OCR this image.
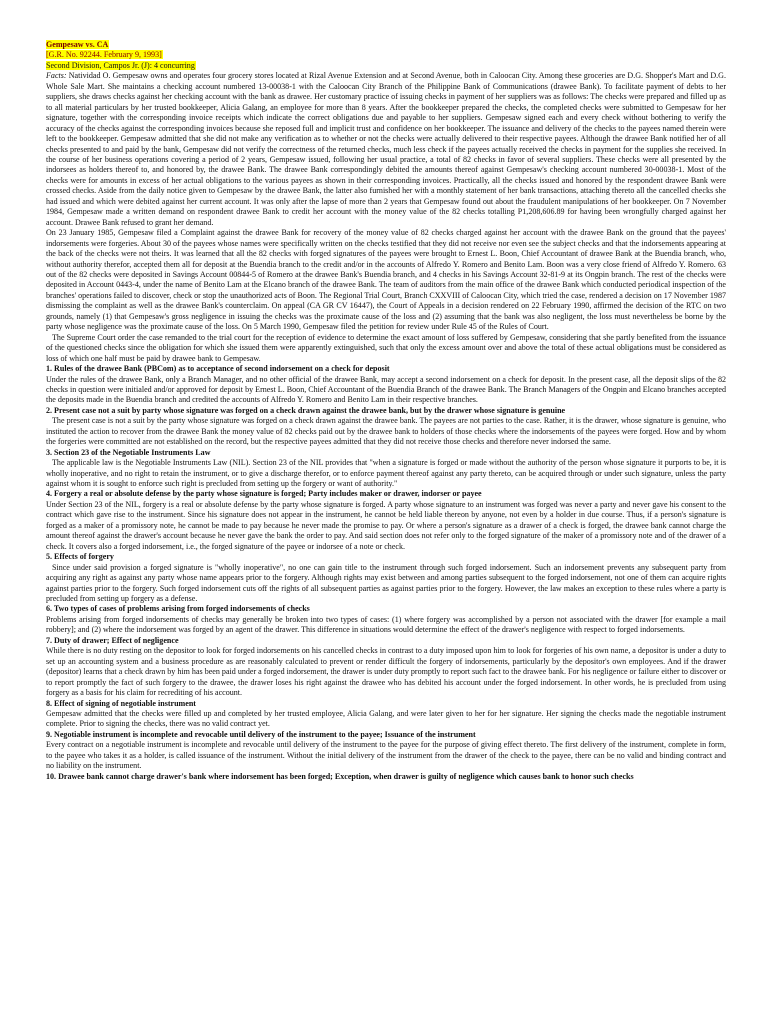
Gempesaw vs. CA
[G.R. No. 92244. February 9, 1993]
Second Division, Campos Jr. (J): 4 concurring

Facts: Natividad O. Gempesaw owns and operates four grocery stores located at Rizal Avenue Extension and at Second Avenue, both in Caloocan City. Among these groceries are D.G. Shopper's Mart and D.G. Whole Sale Mart. She maintains a checking account numbered 13-00038-1 with the Caloocan City Branch of the Philippine Bank of Communications (drawee Bank). To facilitate payment of debts to her suppliers, she draws checks against her checking account with the bank as drawee. Her customary practice of issuing checks in payment of her suppliers was as follows: The checks were prepared and filled up as to all material particulars by her trusted bookkeeper, Alicia Galang, an employee for more than 8 years. After the bookkeeper prepared the checks, the completed checks were submitted to Gempesaw for her signature, together with the corresponding invoice receipts which indicate the correct obligations due and payable to her suppliers. Gempesaw signed each and every check without bothering to verify the accuracy of the checks against the corresponding invoices because she reposed full and implicit trust and confidence on her bookkeeper. The issuance and delivery of the checks to the payees named therein were left to the bookkeeper. Gempesaw admitted that she did not make any verification as to whether or not the checks were actually delivered to their respective payees. Although the drawee Bank notified her of all checks presented to and paid by the bank, Gempesaw did not verify the correctness of the returned checks, much less check if the payees actually received the checks in payment for the supplies she received. In the course of her business operations covering a period of 2 years, Gempesaw issued, following her usual practice, a total of 82 checks in favor of several suppliers. These checks were all presented by the indorsees as holders thereof to, and honored by, the drawee Bank. The drawee Bank correspondingly debited the amounts thereof against Gempesaw's checking account numbered 30-00038-1. Most of the checks were for amounts in excess of her actual obligations to the various payees as shown in their corresponding invoices. Practically, all the checks issued and honored by the respondent drawee Bank were crossed checks. Aside from the daily notice given to Gempesaw by the drawee Bank, the latter also furnished her with a monthly statement of her bank transactions, attaching thereto all the cancelled checks she had issued and which were debited against her current account. It was only after the lapse of more than 2 years that Gempesaw found out about the fraudulent manipulations of her bookkeeper. On 7 November 1984, Gempesaw made a written demand on respondent drawee Bank to credit her account with the money value of the 82 checks totalling P1,208,606.89 for having been wrongfully charged against her account. Drawee Bank refused to grant her demand.

On 23 January 1985, Gempesaw filed a Complaint against the drawee Bank for recovery of the money value of 82 checks charged against her account with the drawee Bank on the ground that the payees' indorsements were forgeries. About 30 of the payees whose names were specifically written on the checks testified that they did not receive nor even see the subject checks and that the indorsements appearing at the back of the checks were not theirs. It was learned that all the 82 checks with forged signatures of the payees were brought to Ernest L. Boon, Chief Accountant of drawee Bank at the Buendia branch, who, without authority therefor, accepted them all for deposit at the Buendia branch to the credit and/or in the accounts of Alfredo Y. Romero and Benito Lam. Boon was a very close friend of Alfredo Y. Romero. 63 out of the 82 checks were deposited in Savings Account 00844-5 of Romero at the drawee Bank's Buendia branch, and 4 checks in his Savings Account 32-81-9 at its Ongpin branch. The rest of the checks were deposited in Account 0443-4, under the name of Benito Lam at the Elcano branch of the drawee Bank. The team of auditors from the main office of the drawee Bank which conducted periodical inspection of the branches' operations failed to discover, check or stop the unauthorized acts of Boon. The Regional Trial Court, Branch CXXVIII of Caloocan City, which tried the case, rendered a decision on 17 November 1987 dismissing the complaint as well as the drawee Bank's counterclaim. On appeal (CA GR CV 16447), the Court of Appeals in a decision rendered on 22 February 1990, affirmed the decision of the RTC on two grounds, namely (1) that Gempesaw's gross negligence in issuing the checks was the proximate cause of the loss and (2) assuming that the bank was also negligent, the loss must nevertheless be borne by the party whose negligence was the proximate cause of the loss. On 5 March 1990, Gempesaw filed the petition for review under Rule 45 of the Rules of Court.

The Supreme Court order the case remanded to the trial court for the reception of evidence to determine the exact amount of loss suffered by Gempesaw, considering that she partly benefited from the issuance of the questioned checks since the obligation for which she issued them were apparently extinguished, such that only the excess amount over and above the total of these actual obligations must be considered as loss of which one half must be paid by drawee bank to Gempesaw.

1. Rules of the drawee Bank (PBCom) as to acceptance of second indorsement on a check for deposit

Under the rules of the drawee Bank, only a Branch Manager, and no other official of the drawee Bank, may accept a second indorsement on a check for deposit. In the present case, all the deposit slips of the 82 checks in question were initialed and/or approved for deposit by Ernest L. Boon, Chief Accountant of the Buendia Branch of the drawee Bank. The Branch Managers of the Ongpin and Elcano branches accepted the deposits made in the Buendia branch and credited the accounts of Alfredo Y. Romero and Benito Lam in their respective branches.

2. Present case not a suit by party whose signature was forged on a check drawn against the drawee bank, but by the drawer whose signature is genuine

The present case is not a suit by the party whose signature was forged on a check drawn against the drawee bank. The payees are not parties to the case. Rather, it is the drawer, whose signature is genuine, who instituted the action to recover from the drawee Bank the money value of 82 checks paid out by the drawee bank to holders of those checks where the indorsements of the payees were forged. How and by whom the forgeries were committed are not established on the record, but the respective payees admitted that they did not receive those checks and therefore never indorsed the same.

3. Section 23 of the Negotiable Instruments Law

The applicable law is the Negotiable Instruments Law (NIL). Section 23 of the NIL provides that "when a signature is forged or made without the authority of the person whose signature it purports to be, it is wholly inoperative, and no right to retain the instrument, or to give a discharge therefor, or to enforce payment thereof against any party thereto, can be acquired through or under such signature, unless the party against whom it is sought to enforce such right is precluded from setting up the forgery or want of authority."

4. Forgery a real or absolute defense by the party whose signature is forged; Party includes maker or drawer, indorser or payee

Under Section 23 of the NIL, forgery is a real or absolute defense by the party whose signature is forged. A party whose signature to an instrument was forged was never a party and never gave his consent to the contract which gave rise to the instrument. Since his signature does not appear in the instrument, he cannot be held liable thereon by anyone, not even by a holder in due course. Thus, if a person's signature is forged as a maker of a promissory note, he cannot be made to pay because he never made the promise to pay. Or where a person's signature as a drawer of a check is forged, the drawee bank cannot charge the amount thereof against the drawer's account because he never gave the bank the order to pay. And said section does not refer only to the forged signature of the maker of a promissory note and of the drawer of a check. It covers also a forged indorsement, i.e., the forged signature of the payee or indorsee of a note or check.

5. Effects of forgery

Since under said provision a forged signature is "wholly inoperative", no one can gain title to the instrument through such forged indorsement. Such an indorsement prevents any subsequent party from acquiring any right as against any party whose name appears prior to the forgery. Although rights may exist between and among parties subsequent to the forged indorsement, not one of them can acquire rights against parties prior to the forgery. Such forged indorsement cuts off the rights of all subsequent parties as against parties prior to the forgery. However, the law makes an exception to these rules where a party is precluded from setting up forgery as a defense.

6. Two types of cases of problems arising from forged indorsements of checks

Problems arising from forged indorsements of checks may generally be broken into two types of cases: (1) where forgery was accomplished by a person not associated with the drawer [for example a mail robbery]; and (2) where the indorsement was forged by an agent of the drawer. This difference in situations would determine the effect of the drawer's negligence with respect to forged indorsements.

7. Duty of drawer; Effect of negligence

While there is no duty resting on the depositor to look for forged indorsements on his cancelled checks in contrast to a duty imposed upon him to look for forgeries of his own name, a depositor is under a duty to set up an accounting system and a business procedure as are reasonably calculated to prevent or render difficult the forgery of indorsements, particularly by the depositor's own employees. And if the drawer (depositor) learns that a check drawn by him has been paid under a forged indorsement, the drawer is under duty promptly to report such fact to the drawee bank. For his negligence or failure either to discover or to report promptly the fact of such forgery to the drawee, the drawer loses his right against the drawee who has debited his account under the forged indorsement. In other words, he is precluded from using forgery as a basis for his claim for recrediting of his account.

8. Effect of signing of negotiable instrument

Gempesaw admitted that the checks were filled up and completed by her trusted employee, Alicia Galang, and were later given to her for her signature. Her signing the checks made the negotiable instrument complete. Prior to signing the checks, there was no valid contract yet.

9. Negotiable instrument is incomplete and revocable until delivery of the instrument to the payee; Issuance of the instrument

Every contract on a negotiable instrument is incomplete and revocable until delivery of the instrument to the payee for the purpose of giving effect thereto. The first delivery of the instrument, complete in form, to the payee who takes it as a holder, is called issuance of the instrument. Without the initial delivery of the instrument from the drawer of the check to the payee, there can be no valid and binding contract and no liability on the instrument.

10. Drawee bank cannot charge drawer's bank where indorsement has been forged; Exception, when drawer is guilty of negligence which causes bank to honor such checks
